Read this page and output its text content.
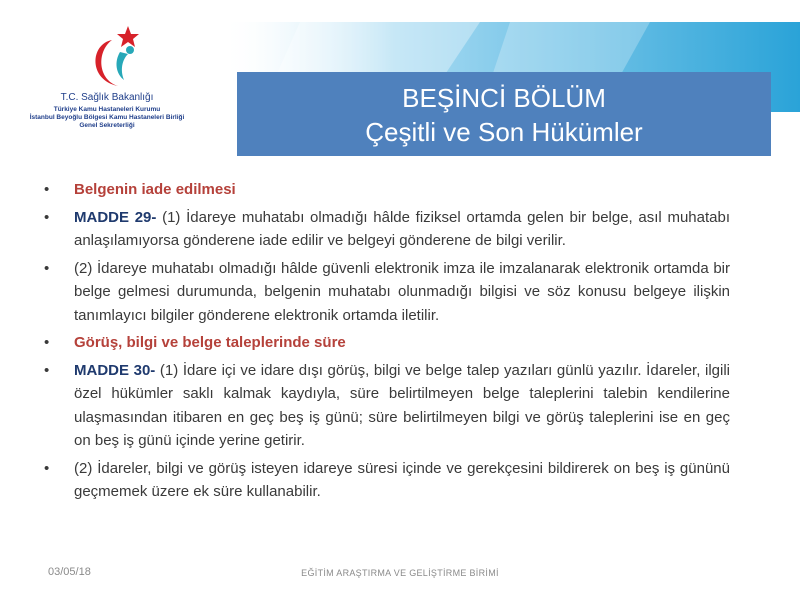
T.C. Sağlık Bakanlığı
Türkiye Kamu Hastaneleri Kurumu
İstanbul Beyoğlu Bölgesi Kamu Hastaneleri Birliği
Genel Sekreterliği
BEŞİNCİ BÖLÜM
Çeşitli ve Son Hükümler
• Belgenin iade edilmesi
• MADDE 29- (1) İdareye muhatabı olmadığı hâlde fiziksel ortamda gelen bir belge, asıl muhatabı anlaşılamıyorsa gönderene iade edilir ve belgeyi gönderene de bilgi verilir.
• (2) İdareye muhatabı olmadığı hâlde güvenli elektronik imza ile imzalanarak elektronik ortamda bir belge gelmesi durumunda, belgenin muhatabı olunmadığı bilgisi ve söz konusu belgeye ilişkin tanımlayıcı bilgiler gönderene elektronik ortamda iletilir.
• Görüş, bilgi ve belge taleplerinde süre
• MADDE 30- (1) İdare içi ve idare dışı görüş, bilgi ve belge talep yazıları günlü yazılır. İdareler, ilgili özel hükümler saklı kalmak kaydıyla, süre belirtilmeyen belge taleplerini talebin kendilerine ulaşmasından itibaren en geç beş iş günü; süre belirtilmeyen bilgi ve görüş taleplerini ise en geç on beş iş günü içinde yerine getirir.
• (2) İdareler, bilgi ve görüş isteyen idareye süresi içinde ve gerekçesini bildirerek on beş iş gününü geçmemek üzere ek süre kullanabilir.
03/05/18	EĞİTİM ARAŞTIRMA VE GELİŞTİRME BİRİMİ
